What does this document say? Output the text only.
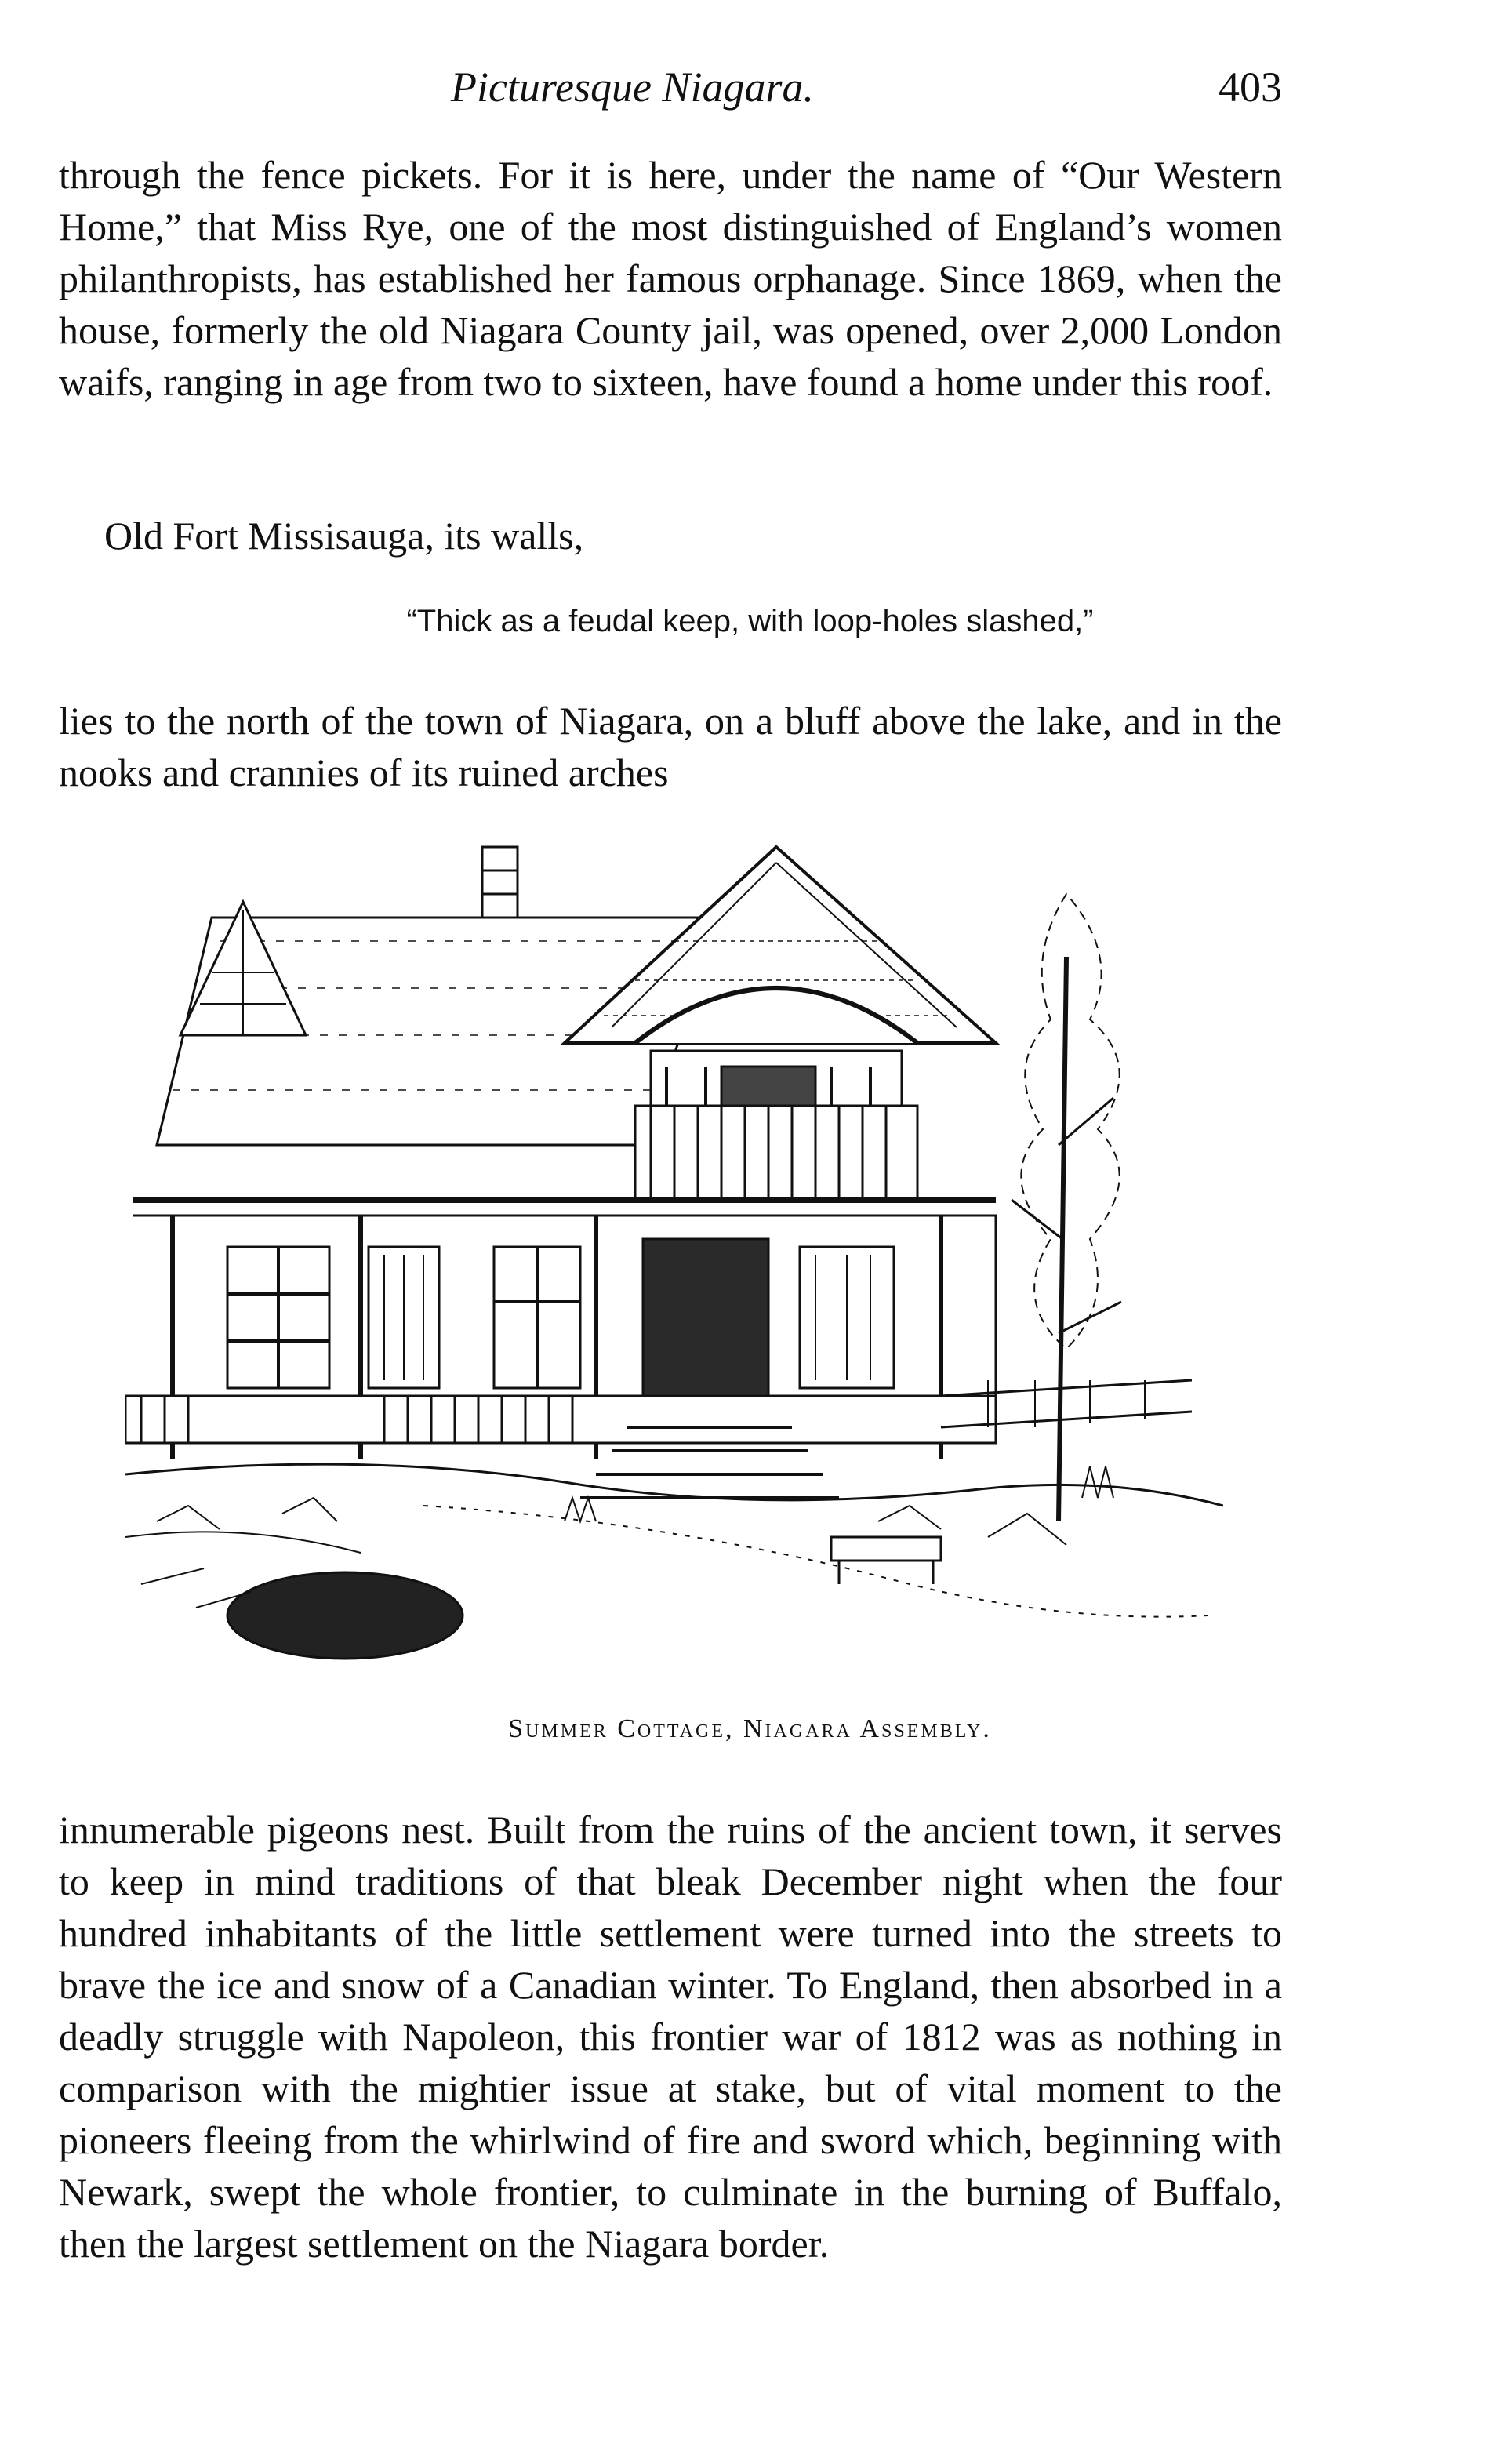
Picturesque Niagara.	403

through the fence pickets. For it is here, under the name of “Our Western Home,” that Miss Rye, one of the most distinguished of England’s women philanthropists, has established her famous orphanage. Since 1869, when the house, formerly the old Niagara County jail, was opened, over 2,000 London waifs, ranging in age from two to sixteen, have found a home under this roof.

Old Fort Missisauga, its walls,

“Thick as a feudal keep, with loop-holes slashed,”

lies to the north of the town of Niagara, on a bluff above the lake, and in the nooks and crannies of its ruined arches

Summer Cottage, Niagara Assembly.

innumerable pigeons nest. Built from the ruins of the ancient town, it serves to keep in mind traditions of that bleak December night when the four hundred inhabitants of the little settlement were turned into the streets to brave the ice and snow of a Canadian winter. To England, then absorbed in a deadly struggle with Napoleon, this frontier war of 1812 was as nothing in comparison with the mightier issue at stake, but of vital moment to the pioneers fleeing from the whirlwind of fire and sword which, beginning with Newark, swept the whole frontier, to culminate in the burning of Buffalo, then the largest settlement on the Niagara border.
